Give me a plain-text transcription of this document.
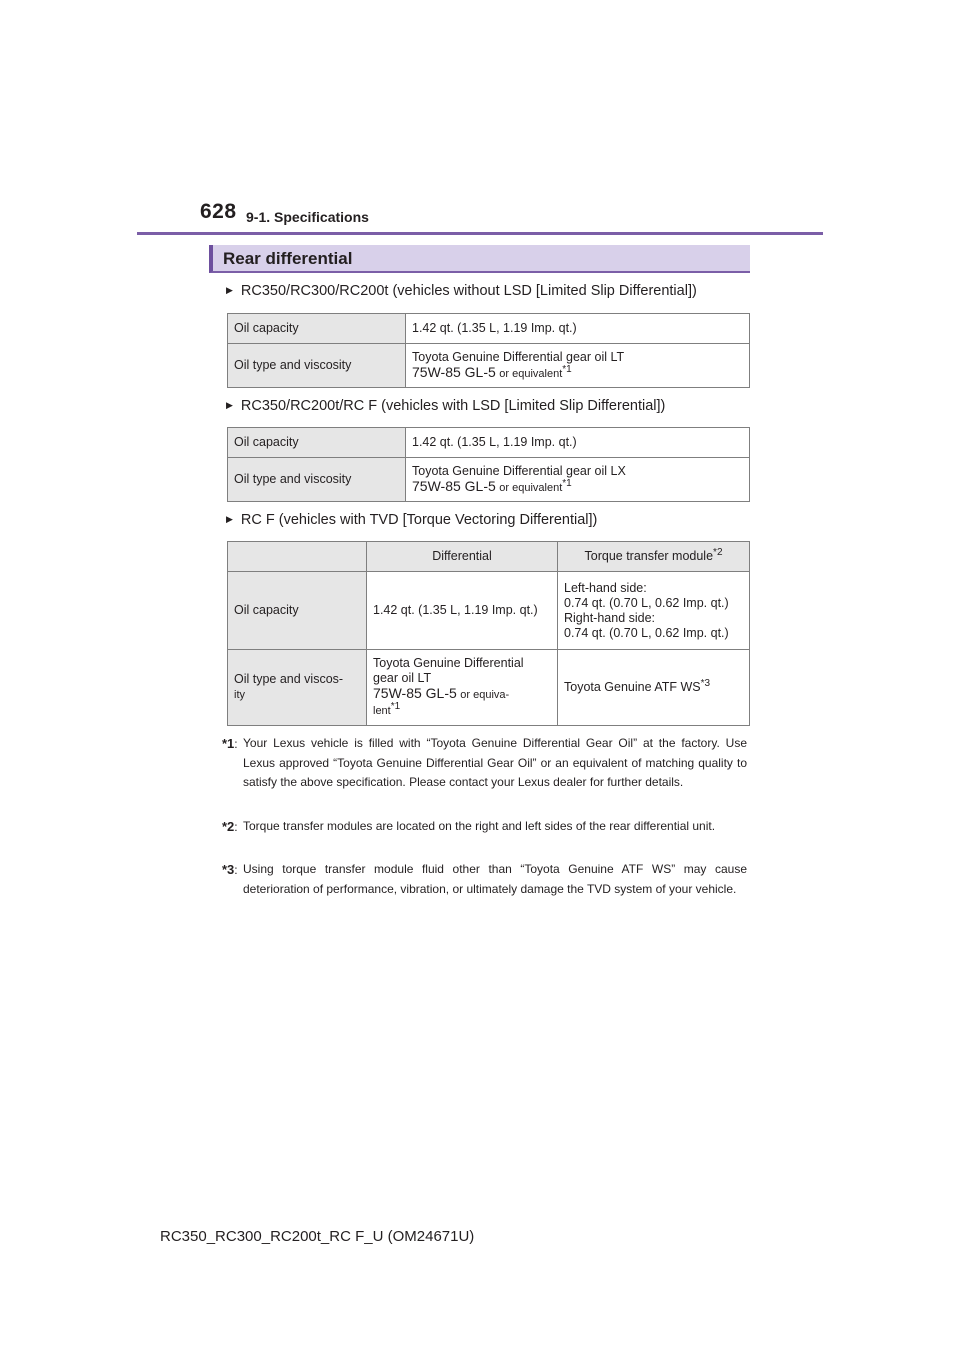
628 9-1. Specifications
Rear differential
▶ RC350/RC300/RC200t (vehicles without LSD [Limited Slip Differential])
Oil capacity	1.42 qt. (1.35 L, 1.19 Imp. qt.)
Oil type and viscosity	Toyota Genuine Differential gear oil LT
75W-85 GL-5 or equivalent$^{*1}$
▶ RC350/RC200t/RC F (vehicles with LSD [Limited Slip Differential])
Oil capacity	1.42 qt. (1.35 L, 1.19 Imp. qt.)
Oil type and viscosity	Toyota Genuine Differential gear oil LX
75W-85 GL-5 or equivalent$^{*1}$
▶ RC F (vehicles with TVD [Torque Vectoring Differential])
	Differential	Torque transfer module$^{*2}$
Oil capacity	1.42 qt. (1.35 L, 1.19 Imp. qt.)	Left-hand side:
0.74 qt. (0.70 L, 0.62 Imp. qt.)
Right-hand side:
0.74 qt. (0.70 L, 0.62 Imp. qt.)
Oil type and viscos-
ity	Toyota Genuine Differential
gear oil LT
75W-85 GL-5 or equiva-
lent$^{*1}$	Toyota Genuine ATF WS$^{*3}$
*1: Your Lexus vehicle is filled with “Toyota Genuine Differential Gear Oil” at the factory. Use Lexus approved “Toyota Genuine Differential Gear Oil” or an equivalent of matching quality to satisfy the above specification. Please contact your Lexus dealer for further details.
*2: Torque transfer modules are located on the right and left sides of the rear differential unit.
*3: Using torque transfer module fluid other than “Toyota Genuine ATF WS” may cause deterioration of performance, vibration, or ultimately damage the TVD system of your vehicle.
RC350_RC300_RC200t_RC F_U (OM24671U)
